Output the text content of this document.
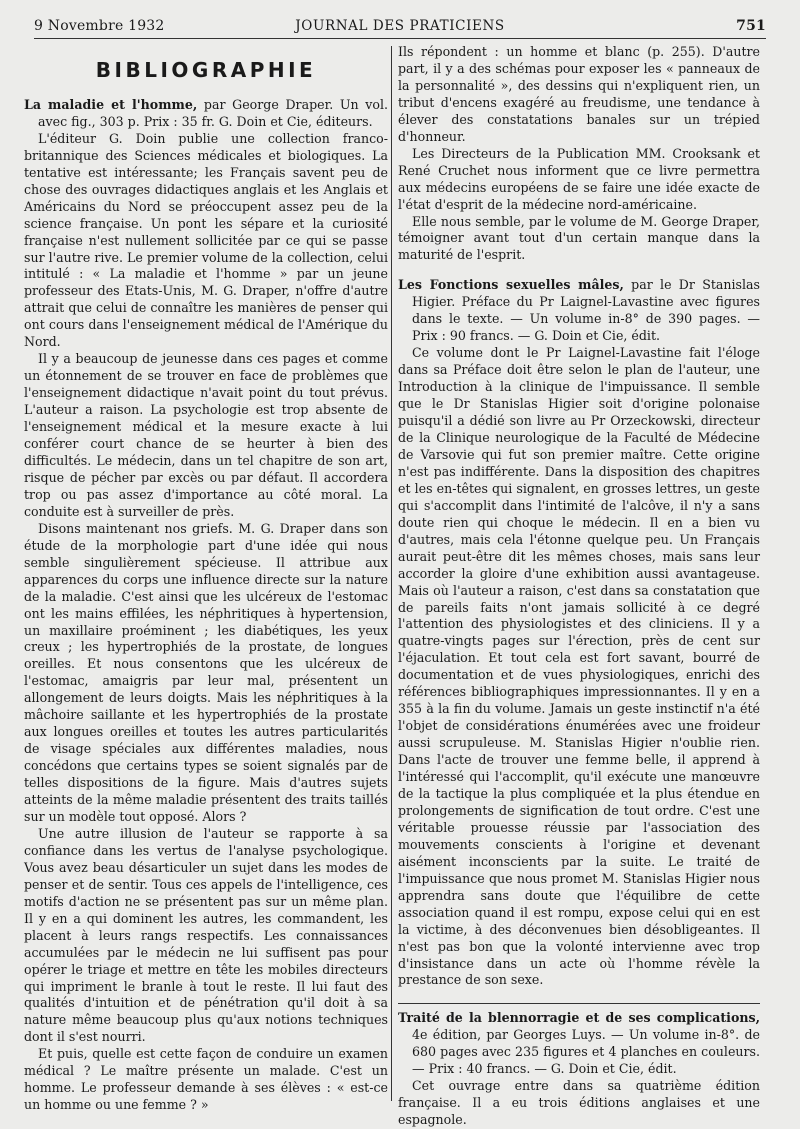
9 Novembre 1932	JOURNAL DES PRATICIENS	751
BIBLIOGRAPHIE

La maladie et l'homme, par George Draper. Un vol. avec fig., 303 p. Prix : 35 fr. G. Doin et Cie, éditeurs.

L'éditeur G. Doin publie une collection franco-britannique des Sciences médicales et biologiques. La tentative est intéressante; les Français savent peu de chose des ouvrages didactiques anglais et les Anglais et Américains du Nord se préoccupent assez peu de la science française. Un pont les sépare et la curiosité française n'est nullement sollicitée par ce qui se passe sur l'autre rive. Le premier volume de la collection, celui intitulé : « La maladie et l'homme » par un jeune professeur des Etats-Unis, M. G. Draper, n'offre d'autre attrait que celui de connaître les manières de penser qui ont cours dans l'enseignement médical de l'Amérique du Nord.

Il y a beaucoup de jeunesse dans ces pages et comme un étonnement de se trouver en face de problèmes que l'enseignement didactique n'avait point du tout prévus. L'auteur a raison. La psychologie est trop absente de l'enseignement médical et la mesure exacte à lui conférer court chance de se heurter à bien des difficultés. Le médecin, dans un tel chapitre de son art, risque de pécher par excès ou par défaut. Il accordera trop ou pas assez d'importance au côté moral. La conduite est à surveiller de près.

Disons maintenant nos griefs. M. G. Draper dans son étude de la morphologie part d'une idée qui nous semble singulièrement spécieuse. Il attribue aux apparences du corps une influence directe sur la nature de la maladie. C'est ainsi que les ulcéreux de l'estomac ont les mains effilées, les néphritiques à hypertension, un maxillaire proéminent ; les diabétiques, les yeux creux ; les hypertrophiés de la prostate, de longues oreilles. Et nous consentons que les ulcéreux de l'estomac, amaigris par leur mal, présentent un allongement de leurs doigts. Mais les néphritiques à la mâchoire saillante et les hypertrophiés de la prostate aux longues oreilles et toutes les autres particularités de visage spéciales aux différentes maladies, nous concédons que certains types se soient signalés par de telles dispositions de la figure. Mais d'autres sujets atteints de la même maladie présentent des traits taillés sur un modèle tout opposé. Alors ?

Une autre illusion de l'auteur se rapporte à sa confiance dans les vertus de l'analyse psychologique. Vous avez beau désarticuler un sujet dans les modes de penser et de sentir. Tous ces appels de l'intelligence, ces motifs d'action ne se présentent pas sur un même plan. Il y en a qui dominent les autres, les commandent, les placent à leurs rangs respectifs. Les connaissances accumulées par le médecin ne lui suffisent pas pour opérer le triage et mettre en tête les mobiles directeurs qui impriment le branle à tout le reste. Il lui faut des qualités d'intuition et de pénétration qu'il doit à sa nature même beaucoup plus qu'aux notions techniques dont il s'est nourri.

Et puis, quelle est cette façon de conduire un examen médical ? Le maître présente un malade. C'est un homme. Le professeur demande à ses élèves : « est-ce un homme ou une femme ? »

Ils répondent : un homme et blanc (p. 255). D'autre part, il y a des schémas pour exposer les « panneaux de la personnalité », des dessins qui n'expliquent rien, un tribut d'encens exagéré au freudisme, une tendance à élever des constatations banales sur un trépied d'honneur.

Les Directeurs de la Publication MM. Crooksank et René Cruchet nous informent que ce livre permettra aux médecins européens de se faire une idée exacte de l'état d'esprit de la médecine nord-américaine.

Elle nous semble, par le volume de M. George Draper, témoigner avant tout d'un certain manque dans la maturité de l'esprit.

Les Fonctions sexuelles mâles, par le Dr Stanislas Higier. Préface du Pr Laignel-Lavastine avec figures dans le texte. — Un volume in-8° de 390 pages. — Prix : 90 francs. — G. Doin et Cie, édit.

Ce volume dont le Pr Laignel-Lavastine fait l'éloge dans sa Préface doit être selon le plan de l'auteur, une Introduction à la clinique de l'impuissance. Il semble que le Dr Stanislas Higier soit d'origine polonaise puisqu'il a dédié son livre au Pr Orzeckowski, directeur de la Clinique neurologique de la Faculté de Médecine de Varsovie qui fut son premier maître. Cette origine n'est pas indifférente. Dans la disposition des chapitres et les en-têtes qui signalent, en grosses lettres, un geste qui s'accomplit dans l'intimité de l'alcôve, il n'y a sans doute rien qui choque le médecin. Il en a bien vu d'autres, mais cela l'étonne quelque peu. Un Français aurait peut-être dit les mêmes choses, mais sans leur accorder la gloire d'une exhibition aussi avantageuse. Mais où l'auteur a raison, c'est dans sa constatation que de pareils faits n'ont jamais sollicité à ce degré l'attention des physiologistes et des cliniciens. Il y a quatre-vingts pages sur l'érection, près de cent sur l'éjaculation. Et tout cela est fort savant, bourré de documentation et de vues physiologiques, enrichi des références bibliographiques impressionnantes. Il y en a 355 à la fin du volume. Jamais un geste instinctif n'a été l'objet de considérations énumérées avec une froideur aussi scrupuleuse. M. Stanislas Higier n'oublie rien. Dans l'acte de trouver une femme belle, il apprend à l'intéressé qui l'accomplit, qu'il exécute une manœuvre de la tactique la plus compliquée et la plus étendue en prolongements de signification de tout ordre. C'est une véritable prouesse réussie par l'association des mouvements conscients à l'origine et devenant aisément inconscients par la suite. Le traité de l'impuissance que nous promet M. Stanislas Higier nous apprendra sans doute que l'équilibre de cette association quand il est rompu, expose celui qui en est la victime, à des déconvenues bien désobligeantes. Il n'est pas bon que la volonté intervienne avec trop d'insistance dans un acte où l'homme révèle la prestance de son sexe.

Traité de la blennorragie et de ses complications, 4e édition, par Georges Luys. — Un volume in-8°. de 680 pages avec 235 figures et 4 planches en couleurs. — Prix : 40 francs. — G. Doin et Cie, édit.

Cet ouvrage entre dans sa quatrième édition française. Il a eu trois éditions anglaises et une espagnole.
